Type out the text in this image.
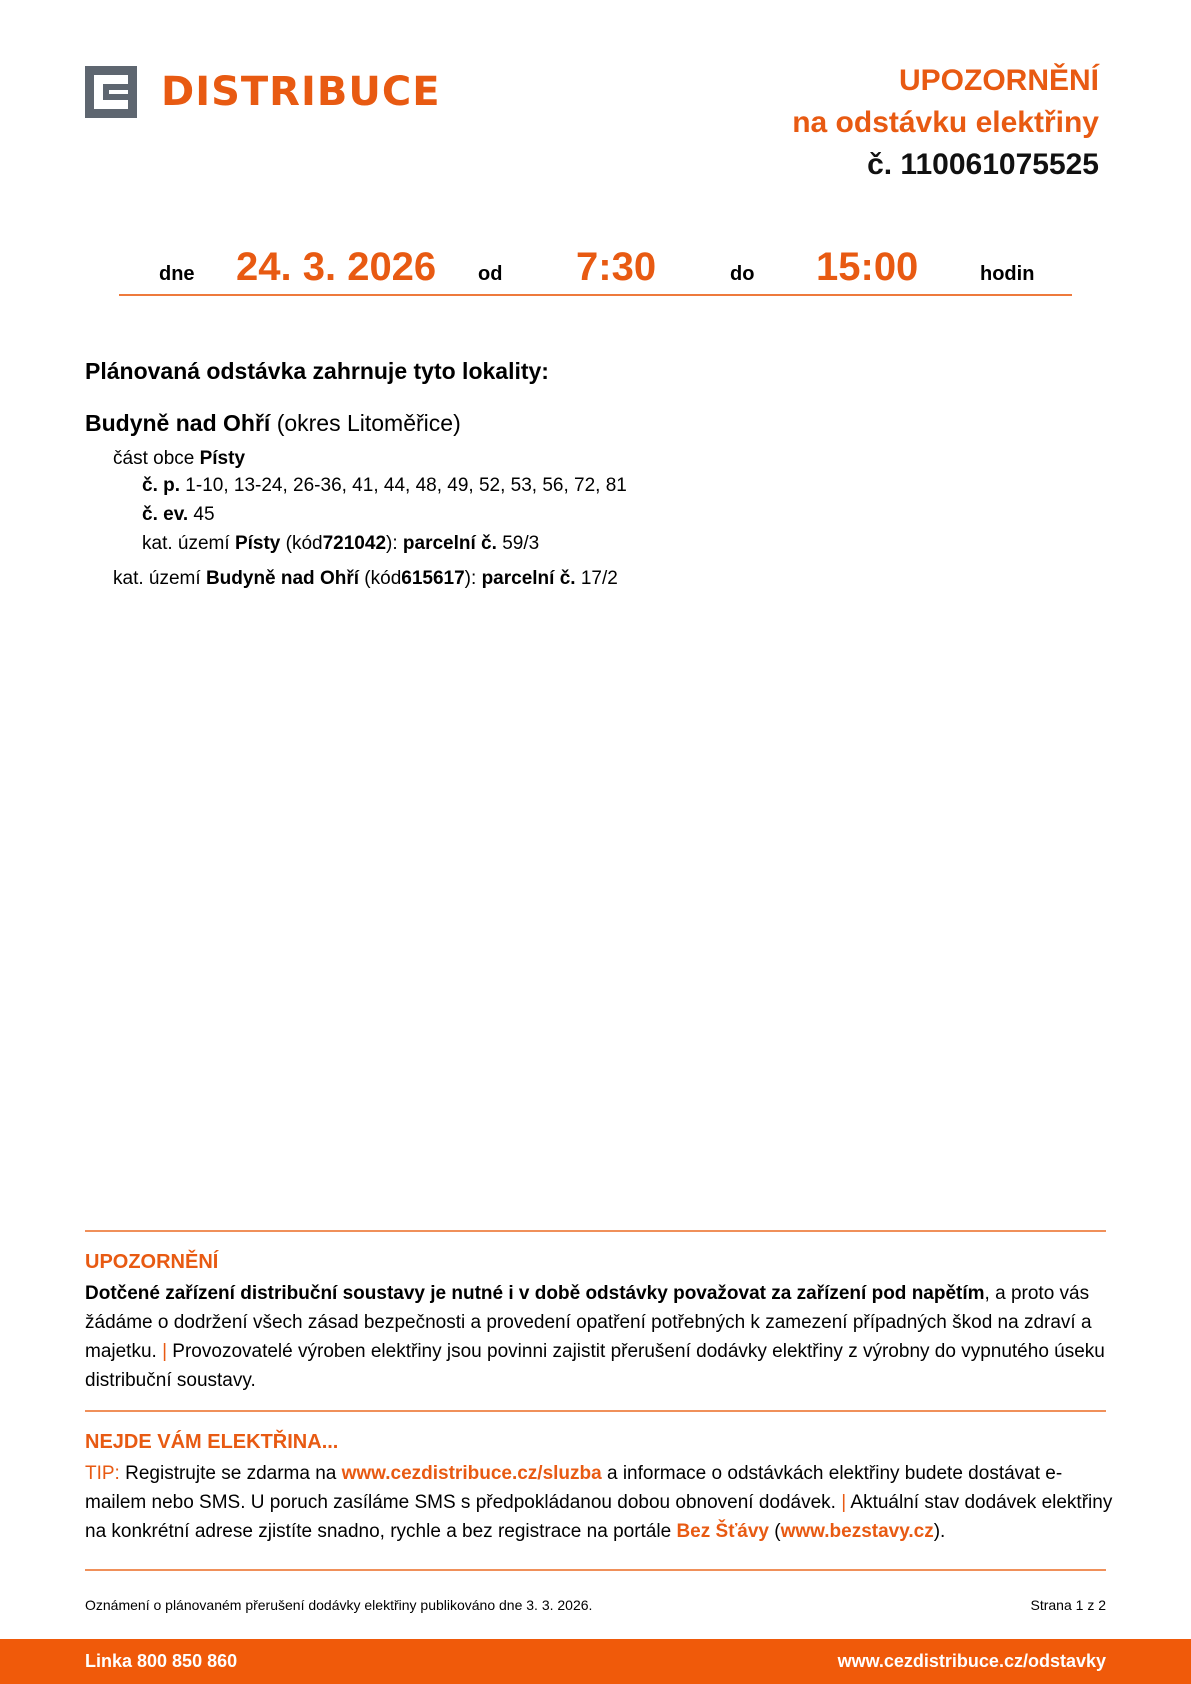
DISTRIBUCE	UPOZORNĚNÍ
na odstávku elektřiny
č. 110061075525
dne 24. 3. 2026 od 7:30	do 15:00	hodin
Plánovaná odstávka zahrnuje tyto lokality:
Budyně nad Ohří (okres Litoměřice)
část obce Písty
č. p. 1-10, 13-24, 26-36, 41, 44, 48, 49, 52, 53, 56, 72, 81
č. ev. 45
kat. území Písty (kód721042): parcelní č. 59/3
kat. území Budyně nad Ohří (kód615617): parcelní č. 17/2
UPOZORNĚNÍ
Dotčené zařízení distribuční soustavy je nutné i v době odstávky považovat za zařízení pod napětím, a proto vás žádáme o dodržení všech zásad bezpečnosti a provedení opatření potřebných k zamezení případných škod na zdraví a majetku. | Provozovatelé výroben elektřiny jsou povinni zajistit přerušení dodávky elektřiny z výrobny do vypnutého úseku distribuční soustavy.
NEJDE VÁM ELEKTŘINA...
TIP: Registrujte se zdarma na www.cezdistribuce.cz/sluzba a informace o odstávkách elektřiny budete dostávat e-mailem nebo SMS. U poruch zasíláme SMS s předpokládanou dobou obnovení dodávek. | Aktuální stav dodávek elektřiny na konkrétní adrese zjistíte snadno, rychle a bez registrace na portále Bez Šťávy (www.bezstavy.cz).
Oznámení o plánovaném přerušení dodávky elektřiny publikováno dne 3. 3. 2026.	Strana 1 z 2
Linka 800 850 860	www.cezdistribuce.cz/odstavky
